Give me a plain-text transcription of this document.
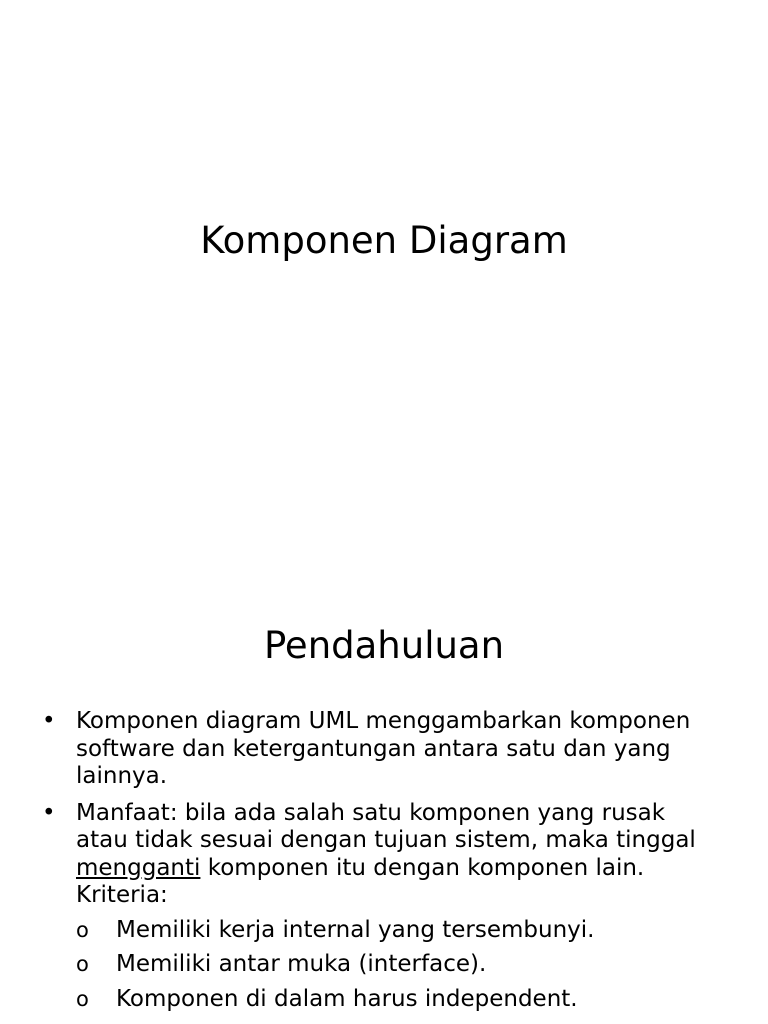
Komponen Diagram
Pendahuluan
• Komponen diagram UML menggambarkan komponen software dan ketergantungan antara satu dan yang lainnya.
• Manfaat: bila ada salah satu komponen yang rusak atau tidak sesuai dengan tujuan sistem, maka tinggal mengganti komponen itu dengan komponen lain. Kriteria:
o Memiliki kerja internal yang tersembunyi.
o Memiliki antar muka (interface).
o Komponen di dalam harus independent.
